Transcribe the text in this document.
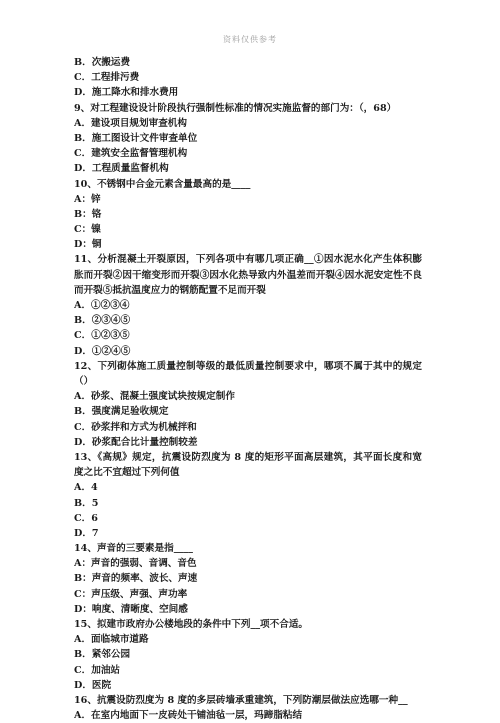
资料仅供参考
B．次搬运费
C．工程排污费
D．施工降水和排水费用
9、对工程建设设计阶段执行强制性标准的情况实施监督的部门为：（，68）
A．建设项目规划审查机构
B．施工图设计文件审查单位
C．建筑安全监督管理机构
D．工程质量监督机构
10、不锈钢中合金元素含量最高的是____
A：锌
B：铬
C：镍
D：铜
11、分析混凝土开裂原因，下列各项中有哪几项正确__①因水泥水化产生体积膨胀而开裂②因干缩变形而开裂③因水化热导致内外温差而开裂④因水泥安定性不良而开裂⑤抵抗温度应力的钢筋配置不足而开裂
A．①②③④
B．②③④⑤
C．①②③⑤
D．①②④⑤
12、下列砌体施工质量控制等级的最低质量控制要求中，哪项不属于其中的规定（）
A．砂浆、混凝土强度试块按规定制作
B．强度满足验收规定
C．砂浆拌和方式为机械拌和
D．砂浆配合比计量控制较差
13、《高规》规定，抗震设防烈度为 8 度的矩形平面高层建筑，其平面长度和宽度之比不宜超过下列何值
A．4
B．5
C．6
D．7
14、声音的三要素是指____
A：声音的强弱、音调、音色
B：声音的频率、波长、声速
C：声压级、声强、声功率
D：响度、清晰度、空间感
15、拟建市政府办公楼地段的条件中下列__项不合适。
A．面临城市道路
B．紧邻公园
C．加油站
D．医院
16、抗震设防烈度为 8 度的多层砖墙承重建筑，下列防潮层做法应选哪一种__
A．在室内地面下一皮砖处干铺油毡一层，玛蹄脂粘结
